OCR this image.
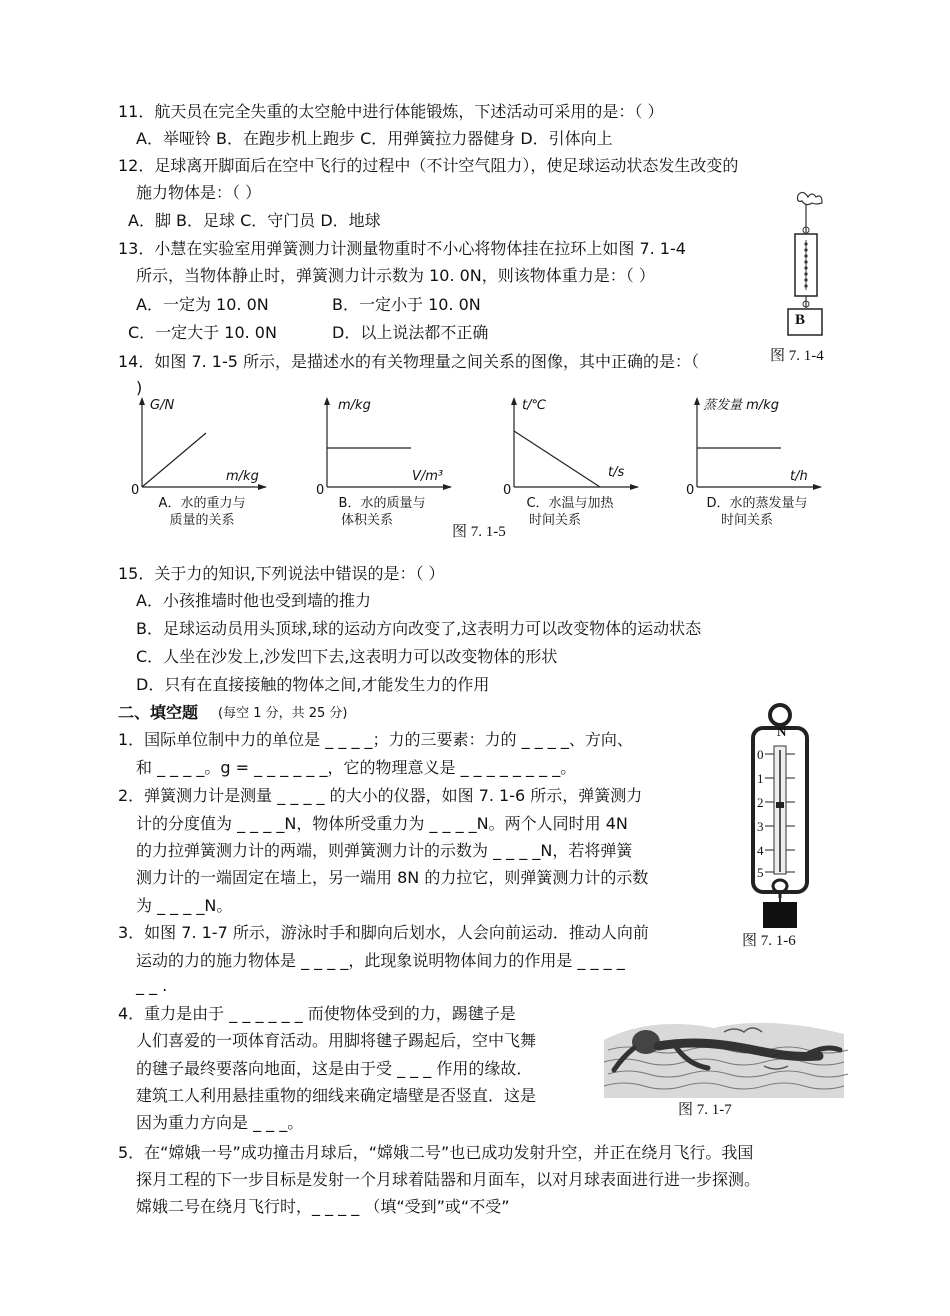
11．航天员在完全失重的太空舱中进行体能锻炼，下述活动可采用的是：（ ）
A．举哑铃 B．在跑步机上跑步 C．用弹簧拉力器健身 D．引体向上
12．足球离开脚面后在空中飞行的过程中（不计空气阻力），使足球运动状态发生改变的
施力物体是：（ ）
A．脚 B．足球 C．守门员 D．地球
13．小慧在实验室用弹簧测力计测量物重时不小心将物体挂在拉环上如图 7. 1-4
所示，当物体静止时，弹簧测力计示数为 10. 0N，则该物体重力是：（ ）
A．一定为 10. 0N	B．一定小于 10. 0N
C．一定大于 10. 0N	D．以上说法都不正确
B
图 7. 1-4
14．如图 7. 1-5 所示，是描述水的有关物理量之间关系的图像，其中正确的是：（
)
G/N
m/kg
0
A．水的重力与
质量的关系
m/kg
V/m³
0
B．水的质量与
体积关系
t/℃
t/s
0
C．水温与加热
时间关系
蒸发量 m/kg
t/h
0
D．水的蒸发量与
时间关系
图 7. 1-5
15．关于力的知识,下列说法中错误的是：（ ）
A．小孩推墙时他也受到墙的推力
B．足球运动员用头顶球,球的运动方向改变了,这表明力可以改变物体的运动状态
C．人坐在沙发上,沙发凹下去,这表明力可以改变物体的形状
D．只有在直接接触的物体之间,才能发生力的作用
二、填空题 (每空 1 分，共 25 分)
1．国际单位制中力的单位是 _ _ _ _；力的三要素：力的 _ _ _ _、方向、
和 _ _ _ _。g = _ _ _ _ _ _，它的物理意义是 _ _ _ _ _ _ _ _。
2．弹簧测力计是测量 _ _ _ _ 的大小的仪器，如图 7. 1-6 所示，弹簧测力
计的分度值为 _ _ _ _N，物体所受重力为 _ _ _ _N。两个人同时用 4N
的力拉弹簧测力计的两端，则弹簧测力计的示数为 _ _ _ _N，若将弹簧
测力计的一端固定在墙上，另一端用 8N 的力拉它，则弹簧测力计的示数
为 _ _ _ _N。
N
0
1
2
3
4
5
图 7. 1-6
3．如图 7. 1-7 所示，游泳时手和脚向后划水，人会向前运动．推动人向前
运动的力的施力物体是 _ _ _ _，此现象说明物体间力的作用是 _ _ _ _
_ _ .
4．重力是由于 _ _ _ _ _ _ 而使物体受到的力，踢毽子是
人们喜爱的一项体育活动。用脚将毽子踢起后，空中飞舞
的毽子最终要落向地面，这是由于受 _ _ _ 作用的缘故．
建筑工人利用悬挂重物的细线来确定墙壁是否竖直．这是
因为重力方向是 _ _ _。
图 7. 1-7
5．在“嫦娥一号”成功撞击月球后，“嫦娥二号”也已成功发射升空，并正在绕月飞行。我国
探月工程的下一步目标是发射一个月球着陆器和月面车，以对月球表面进行进一步探测。
嫦娥二号在绕月飞行时，_ _ _ _ （填“受到”或“不受”
